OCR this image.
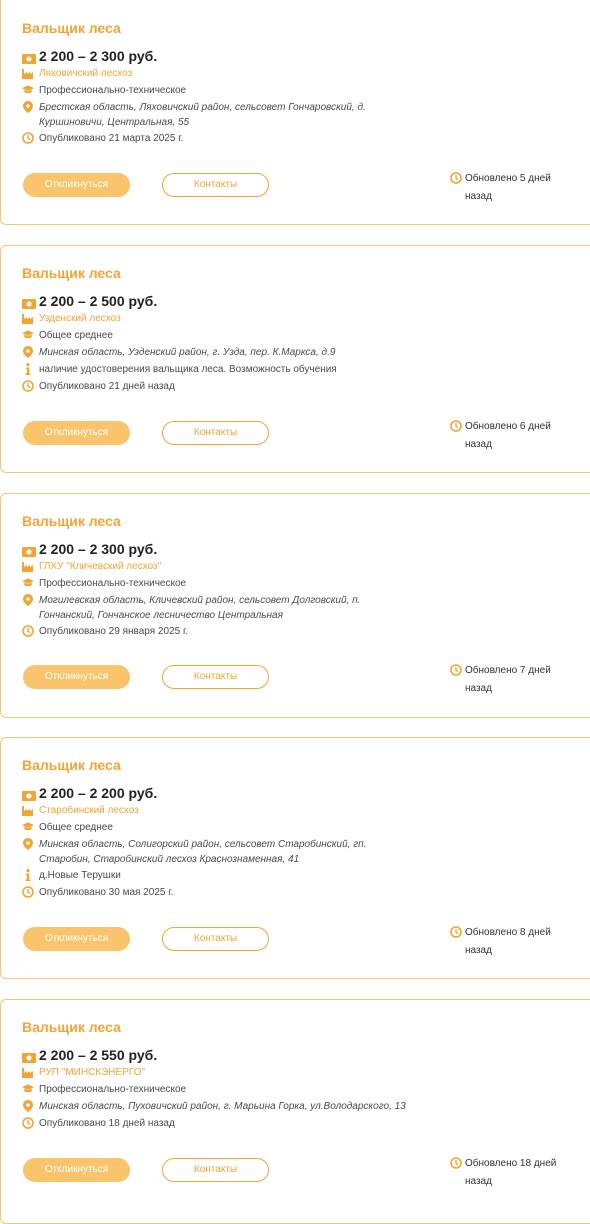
Вальщик леса
2 200 – 2 300 руб.
Ляховичский лесхоз
Профессионально-техническое
Брестская область, Ляховичский район, сельсовет Гончаровский, д. Куршиновичи, Центральная, 55
Опубликовано 21 марта 2025 г.
Откликнуться	Контакты
Обновлено 5 дней назад
Вальщик леса
2 200 – 2 500 руб.
Узденский лесхоз
Общее среднее
Минская область, Узденский район, г. Узда, пер. К.Маркса, д.9
наличие удостоверения вальщика леса. Возможность обучения
Опубликовано 21 дней назад
Откликнуться	Контакты
Обновлено 6 дней назад
Вальщик леса
2 200 – 2 300 руб.
ГЛХУ "Кличевский лесхоз"
Профессионально-техническое
Могилевская область, Кличевский район, сельсовет Долговский, п. Гончанский, Гончанское лесничество Центральная
Опубликовано 29 января 2025 г.
Откликнуться	Контакты
Обновлено 7 дней назад
Вальщик леса
2 200 – 2 200 руб.
Старобинский лесхоз
Общее среднее
Минская область, Солигорский район, сельсовет Старобинский, гп. Старобин, Старобинский лесхоз Краснознаменная, 41
д.Новые Терушки
Опубликовано 30 мая 2025 г.
Откликнуться	Контакты
Обновлено 8 дней назад
Вальщик леса
2 200 – 2 550 руб.
РУП "МИНСКЭНЕРГО"
Профессионально-техническое
Минская область, Пуховичский район, г. Марьина Горка, ул.Володарского, 13
Опубликовано 18 дней назад
Откликнуться	Контакты
Обновлено 18 дней назад
